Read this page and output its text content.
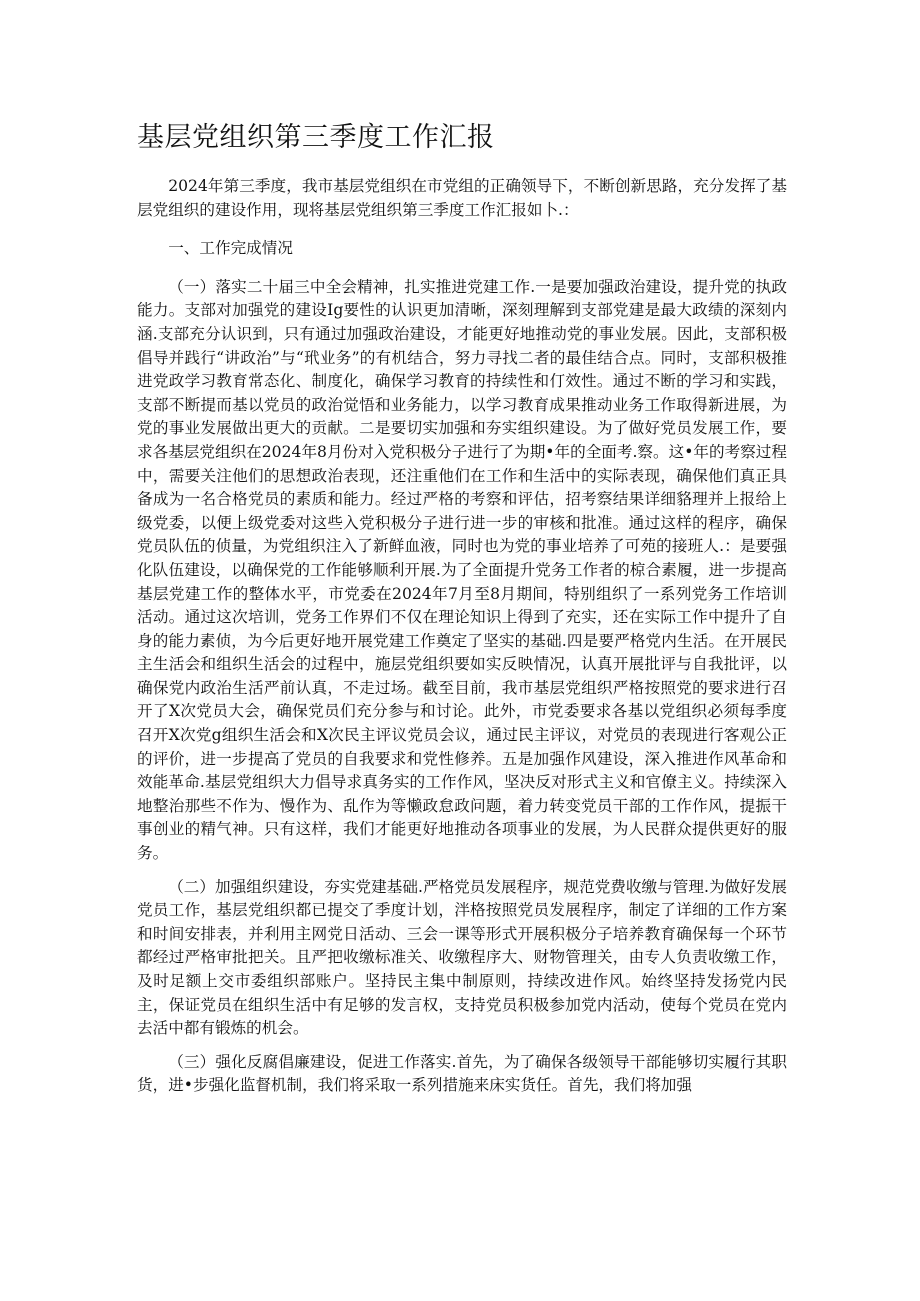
基层党组织第三季度工作汇报

2024年第三季度，我市基层党组织在市党组的正确领导下，不断创新思路，充分发挥了基层党组织的建设作用，现将基层党组织第三季度工作汇报如卜.：

一、工作完成情况

（一）落实二十届三中全会精神，扎实推进党建工作.一是要加强政治建设，提升党的执政能力。支部对加强党的建设Ig要性的认识更加清晰，深刻理解到支部党建是最大政绩的深刻内涵.支部充分认识到，只有通过加强政治建设，才能更好地推动党的事业发展。因此，支部积极倡导并践行“讲政治”与“玳业务”的有机结合，努力寻找二者的最佳结合点。同时，支部积极推进党政学习教育常态化、制度化，确保学习教育的持续性和仃效性。通过不断的学习和实践，支部不断提而基以党员的政治觉悟和业务能力，以学习教育成果推动业务工作取得新进展，为党的事业发展做出更大的贡献。二是要切实加强和夯实组织建设。为了做好党员发展工作，要求各基层党组织在2024年8月份对入党积极分子进行了为期•年的全面考.察。这•年的考察过程中，需要关注他们的思想政治表现，还注重他们在工作和生活中的实际表现，确保他们真正具备成为一名合格党员的素质和能力。经过严格的考察和评估，招考察结果详细貉理并上报给上级党委，以便上级党委对这些入党积极分子进行进一步的审核和批准。通过这样的程序，确保党员队伍的侦量，为党组织注入了新鲜血液，同时也为党的事业培养了可苑的接班人.：是要强化队伍建设，以确保党的工作能够顺利开展.为了全面提升党务工作者的椋合素履，进一步提高基层党建工作的整体水平，市党委在2024年7月至8月期间，特别组织了一系列党务工作培训活动。通过这次培训，党务工作界们不仅在理论知识上得到了充实，还在实际工作中提升了自身的能力素侦，为今后更好地开展党建工作奠定了坚实的基础.四是要严格党内生活。在开展民主生活会和组织生活会的过程中，施层党组织要如实反映情况，认真开展批评与自我批评，以确保党内政治生活严前认真，不走过场。截至目前，我市基层党组织严格按照党的要求进行召开了X次党员大会，确保党员们充分参与和讨论。此外，市党委要求各基以党组织必须每季度召开X次党g组织生活会和X次民主评议党员会议，通过民主评议，对党员的表现进行客观公正的评价，进一步提高了党员的自我要求和党性修养。五是加强作风建设，深入推进作风革命和效能革命.基层党组织大力倡导求真务实的工作作风，坚决反对形式主义和官僚主义。持续深入地整治那些不作为、慢作为、乱作为等懒政怠政问题，着力转变党员干部的工作作风，提振干事创业的精气神。只有这样，我们才能更好地推动各项事业的发展，为人民群众提供更好的服务。

（二）加强组织建设，夯实党建基础.严格党员发展程序，规范党费收缴与管理.为做好发展党员工作，基层党组织都已提交了季度计划，泮格按照党员发展程序，制定了详细的工作方案和时间安排表，并利用主网党日活动、三会一课等形式开展积极分子培养教育确保每一个环节都经过严格审批把关。且严把收缴标准关、收缴程序大、财物管理关，由专人负责收缴工作，及时足额上交市委组织部账户。坚持民主集中制原则，持续改进作风。始终坚持发扬党内民主，保证党员在组织生活中有足够的发言权，支持党员积极参加党内活动，使每个党员在党内去活中都有锻炼的机会。

（三）强化反腐倡廉建设，促进工作落实.首先，为了确保各级领导干部能够切实履行其职货，进•步强化监督机制，我们将采取一系列措施来床实货任。首先，我们将加强
